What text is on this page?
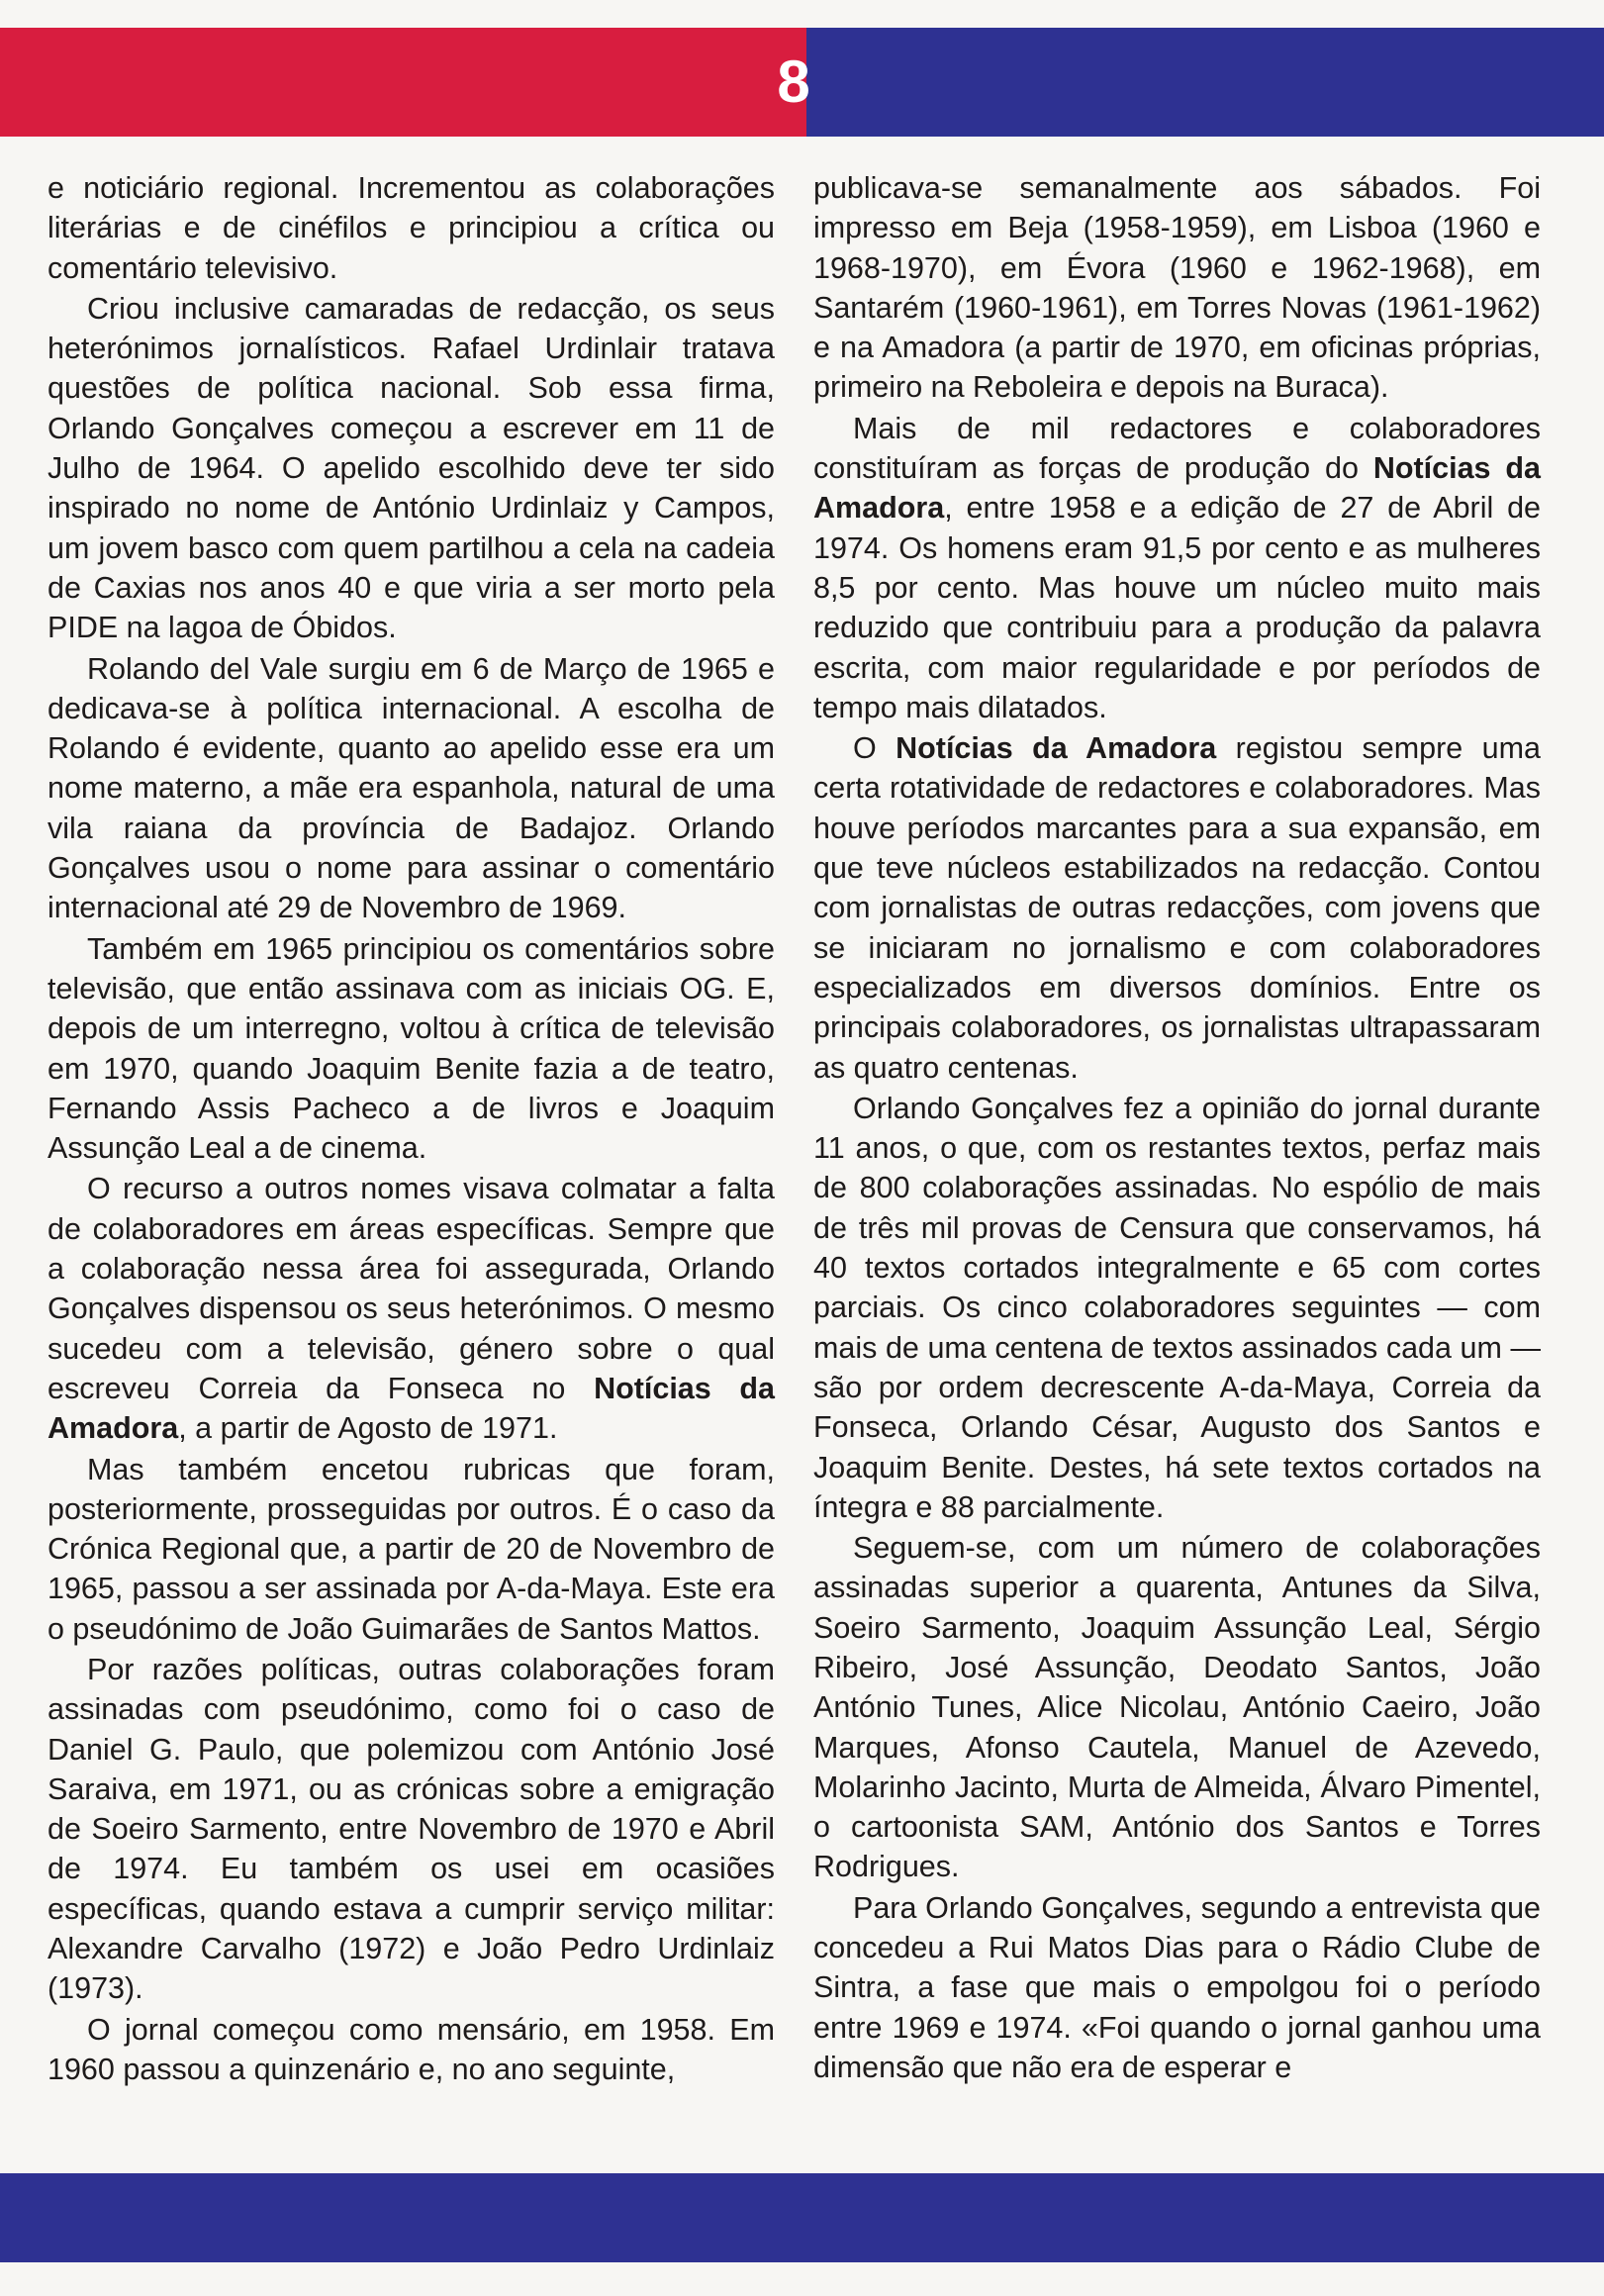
8

e noticiário regional. Incrementou as colaborações literárias e de cinéfilos e principiou a crítica ou comentário televisivo.

Criou inclusive camaradas de redacção, os seus heterónimos jornalísticos. Rafael Urdinlair tratava questões de política nacional. Sob essa firma, Orlando Gonçalves começou a escrever em 11 de Julho de 1964. O apelido escolhido deve ter sido inspirado no nome de António Urdinlaiz y Campos, um jovem basco com quem partilhou a cela na cadeia de Caxias nos anos 40 e que viria a ser morto pela PIDE na lagoa de Óbidos.

Rolando del Vale surgiu em 6 de Março de 1965 e dedicava-se à política internacional. A escolha de Rolando é evidente, quanto ao apelido esse era um nome materno, a mãe era espanhola, natural de uma vila raiana da província de Badajoz. Orlando Gonçalves usou o nome para assinar o comentário internacional até 29 de Novembro de 1969.

Também em 1965 principiou os comentários sobre televisão, que então assinava com as iniciais OG. E, depois de um interregno, voltou à crítica de televisão em 1970, quando Joaquim Benite fazia a de teatro, Fernando Assis Pacheco a de livros e Joaquim Assunção Leal a de cinema.

O recurso a outros nomes visava colmatar a falta de colaboradores em áreas específicas. Sempre que a colaboração nessa área foi assegurada, Orlando Gonçalves dispensou os seus heterónimos. O mesmo sucedeu com a televisão, género sobre o qual escreveu Correia da Fonseca no Notícias da Amadora, a partir de Agosto de 1971.

Mas também encetou rubricas que foram, posteriormente, prosseguidas por outros. É o caso da Crónica Regional que, a partir de 20 de Novembro de 1965, passou a ser assinada por A-da-Maya. Este era o pseudónimo de João Guimarães de Santos Mattos.

Por razões políticas, outras colaborações foram assinadas com pseudónimo, como foi o caso de Daniel G. Paulo, que polemizou com António José Saraiva, em 1971, ou as crónicas sobre a emigração de Soeiro Sarmento, entre Novembro de 1970 e Abril de 1974. Eu também os usei em ocasiões específicas, quando estava a cumprir serviço militar: Alexandre Carvalho (1972) e João Pedro Urdinlaiz (1973).

O jornal começou como mensário, em 1958. Em 1960 passou a quinzenário e, no ano seguinte,

publicava-se semanalmente aos sábados. Foi impresso em Beja (1958-1959), em Lisboa (1960 e 1968-1970), em Évora (1960 e 1962-1968), em Santarém (1960-1961), em Torres Novas (1961-1962) e na Amadora (a partir de 1970, em oficinas próprias, primeiro na Reboleira e depois na Buraca).

Mais de mil redactores e colaboradores constituíram as forças de produção do Notícias da Amadora, entre 1958 e a edição de 27 de Abril de 1974. Os homens eram 91,5 por cento e as mulheres 8,5 por cento. Mas houve um núcleo muito mais reduzido que contribuiu para a produção da palavra escrita, com maior regularidade e por períodos de tempo mais dilatados.

O Notícias da Amadora registou sempre uma certa rotatividade de redactores e colaboradores. Mas houve períodos marcantes para a sua expansão, em que teve núcleos estabilizados na redacção. Contou com jornalistas de outras redacções, com jovens que se iniciaram no jornalismo e com colaboradores especializados em diversos domínios. Entre os principais colaboradores, os jornalistas ultrapassaram as quatro centenas.

Orlando Gonçalves fez a opinião do jornal durante 11 anos, o que, com os restantes textos, perfaz mais de 800 colaborações assinadas. No espólio de mais de três mil provas de Censura que conservamos, há 40 textos cortados integralmente e 65 com cortes parciais. Os cinco colaboradores seguintes — com mais de uma centena de textos assinados cada um — são por ordem decrescente A-da-Maya, Correia da Fonseca, Orlando César, Augusto dos Santos e Joaquim Benite. Destes, há sete textos cortados na íntegra e 88 parcialmente.

Seguem-se, com um número de colaborações assinadas superior a quarenta, Antunes da Silva, Soeiro Sarmento, Joaquim Assunção Leal, Sérgio Ribeiro, José Assunção, Deodato Santos, João António Tunes, Alice Nicolau, António Caeiro, João Marques, Afonso Cautela, Manuel de Azevedo, Molarinho Jacinto, Murta de Almeida, Álvaro Pimentel, o cartoonista SAM, António dos Santos e Torres Rodrigues.

Para Orlando Gonçalves, segundo a entrevista que concedeu a Rui Matos Dias para o Rádio Clube de Sintra, a fase que mais o empolgou foi o período entre 1969 e 1974. «Foi quando o jornal ganhou uma dimensão que não era de esperar e
